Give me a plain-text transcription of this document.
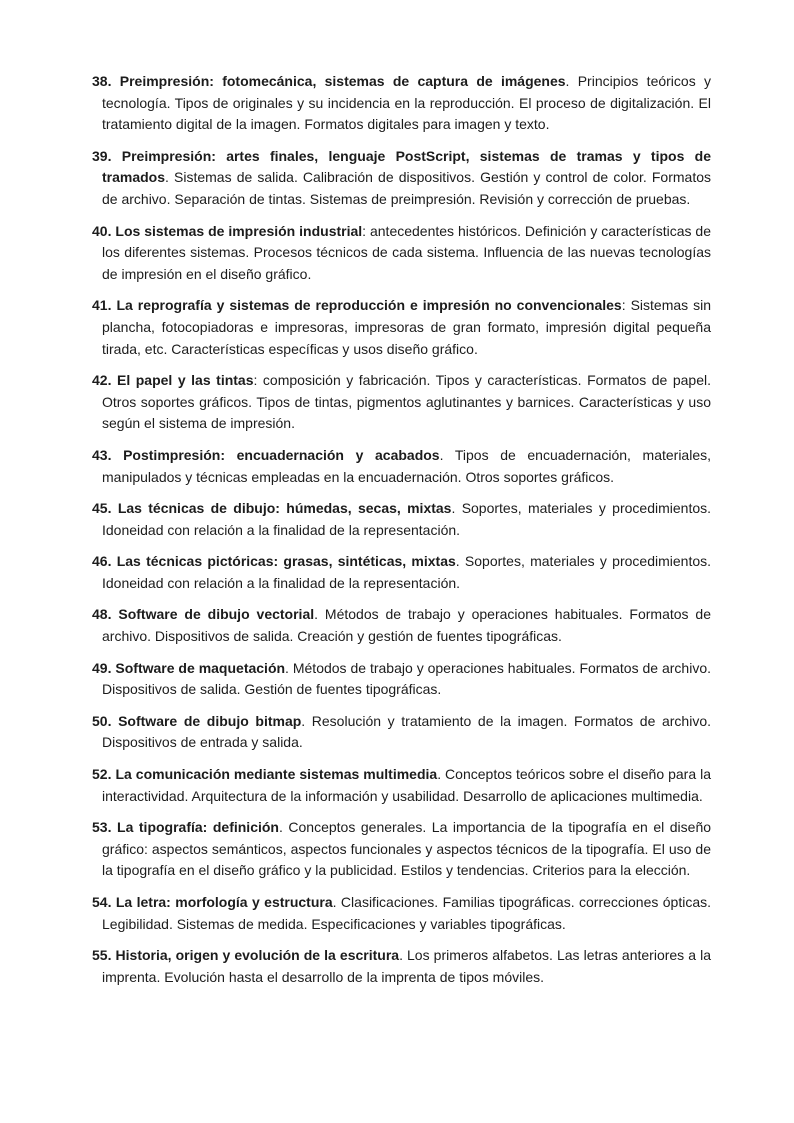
38. Preimpresión: fotomecánica, sistemas de captura de imágenes. Principios teóricos y tecnología. Tipos de originales y su incidencia en la reproducción. El proceso de digitalización. El tratamiento digital de la imagen. Formatos digitales para imagen y texto.

39. Preimpresión: artes finales, lenguaje PostScript, sistemas de tramas y tipos de tramados. Sistemas de salida. Calibración de dispositivos. Gestión y control de color. Formatos de archivo. Separación de tintas. Sistemas de preimpresión. Revisión y corrección de pruebas.

40. Los sistemas de impresión industrial: antecedentes históricos. Definición y características de los diferentes sistemas. Procesos técnicos de cada sistema. Influencia de las nuevas tecnologías de impresión en el diseño gráfico.

41. La reprografía y sistemas de reproducción e impresión no convencionales: Sistemas sin plancha, fotocopiadoras e impresoras, impresoras de gran formato, impresión digital pequeña tirada, etc. Características específicas y usos diseño gráfico.

42. El papel y las tintas: composición y fabricación. Tipos y características. Formatos de papel. Otros soportes gráficos. Tipos de tintas, pigmentos aglutinantes y barnices. Características y uso según el sistema de impresión.

43. Postimpresión: encuadernación y acabados. Tipos de encuadernación, materiales, manipulados y técnicas empleadas en la encuadernación. Otros soportes gráficos.

45. Las técnicas de dibujo: húmedas, secas, mixtas. Soportes, materiales y procedimientos. Idoneidad con relación a la finalidad de la representación.

46. Las técnicas pictóricas: grasas, sintéticas, mixtas. Soportes, materiales y procedimientos. Idoneidad con relación a la finalidad de la representación.

48. Software de dibujo vectorial. Métodos de trabajo y operaciones habituales. Formatos de archivo. Dispositivos de salida. Creación y gestión de fuentes tipográficas.

49. Software de maquetación. Métodos de trabajo y operaciones habituales. Formatos de archivo. Dispositivos de salida. Gestión de fuentes tipográficas.

50. Software de dibujo bitmap. Resolución y tratamiento de la imagen. Formatos de archivo. Dispositivos de entrada y salida.

52. La comunicación mediante sistemas multimedia. Conceptos teóricos sobre el diseño para la interactividad. Arquitectura de la información y usabilidad. Desarrollo de aplicaciones multimedia.

53. La tipografía: definición. Conceptos generales. La importancia de la tipografía en el diseño gráfico: aspectos semánticos, aspectos funcionales y aspectos técnicos de la tipografía. El uso de la tipografía en el diseño gráfico y la publicidad. Estilos y tendencias. Criterios para la elección.

54. La letra: morfología y estructura. Clasificaciones. Familias tipográficas. correcciones ópticas. Legibilidad. Sistemas de medida. Especificaciones y variables tipográficas.

55. Historia, origen y evolución de la escritura. Los primeros alfabetos. Las letras anteriores a la imprenta. Evolución hasta el desarrollo de la imprenta de tipos móviles.
